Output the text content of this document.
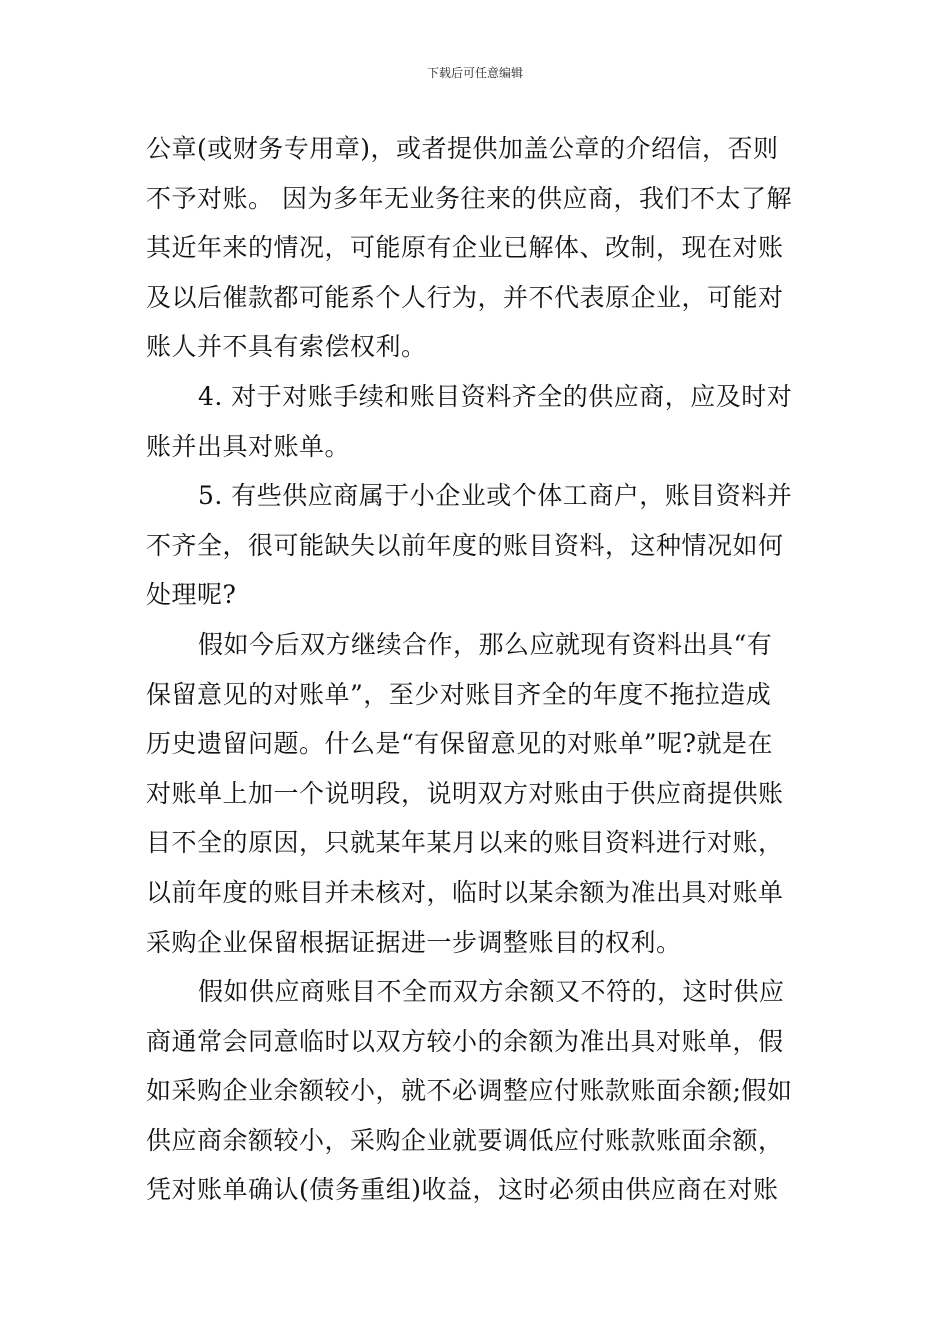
下载后可任意编辑
公章(或财务专用章)，或者提供加盖公章的介绍信，否则
不予对账。 因为多年无业务往来的供应商，我们不太了解
其近年来的情况，可能原有企业已解体、改制，现在对账
及以后催款都可能系个人行为，并不代表原企业，可能对
账人并不具有索偿权利。
4. 对于对账手续和账目资料齐全的供应商，应及时对
账并出具对账单。
5. 有些供应商属于小企业或个体工商户，账目资料并
不齐全，很可能缺失以前年度的账目资料，这种情况如何
处理呢?
假如今后双方继续合作，那么应就现有资料出具“有
保留意见的对账单”，至少对账目齐全的年度不拖拉造成
历史遗留问题。什么是“有保留意见的对账单”呢?就是在
对账单上加一个说明段，说明双方对账由于供应商提供账
目不全的原因，只就某年某月以来的账目资料进行对账，
以前年度的账目并未核对，临时以某余额为准出具对账单
采购企业保留根据证据进一步调整账目的权利。
假如供应商账目不全而双方余额又不符的，这时供应
商通常会同意临时以双方较小的余额为准出具对账单，假
如采购企业余额较小，就不必调整应付账款账面余额;假如
供应商余额较小，采购企业就要调低应付账款账面余额，
凭对账单确认(债务重组)收益，这时必须由供应商在对账
